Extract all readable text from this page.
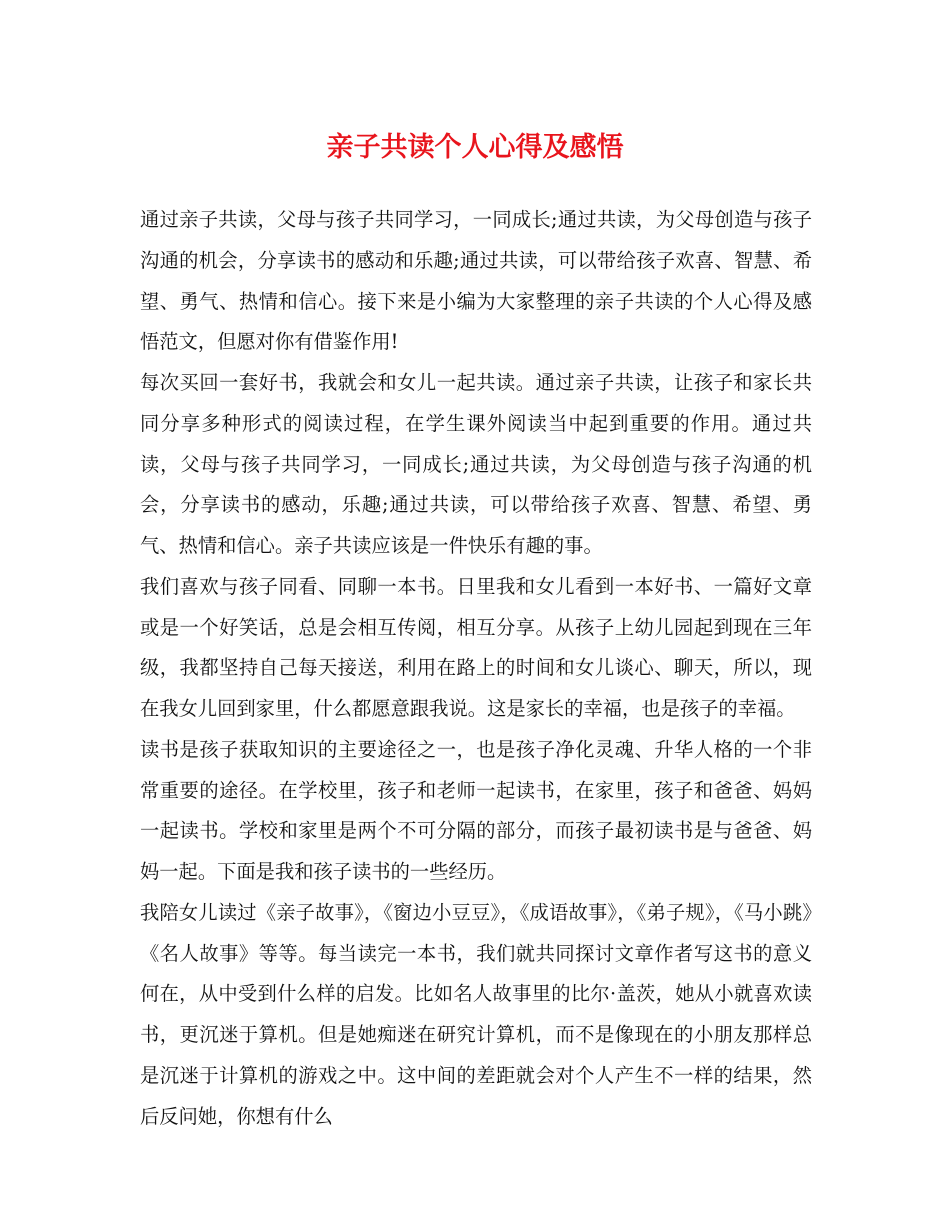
亲子共读个人心得及感悟

通过亲子共读，父母与孩子共同学习，一同成长;通过共读，为父母创造与孩子沟通的机会，分享读书的感动和乐趣;通过共读，可以带给孩子欢喜、智慧、希望、勇气、热情和信心。接下来是小编为大家整理的亲子共读的个人心得及感悟范文，但愿对你有借鉴作用!

每次买回一套好书，我就会和女儿一起共读。通过亲子共读，让孩子和家长共同分享多种形式的阅读过程，在学生课外阅读当中起到重要的作用。通过共读，父母与孩子共同学习，一同成长;通过共读，为父母创造与孩子沟通的机会，分享读书的感动，乐趣;通过共读，可以带给孩子欢喜、智慧、希望、勇气、热情和信心。亲子共读应该是一件快乐有趣的事。

我们喜欢与孩子同看、同聊一本书。日里我和女儿看到一本好书、一篇好文章或是一个好笑话，总是会相互传阅，相互分享。从孩子上幼儿园起到现在三年级，我都坚持自己每天接送，利用在路上的时间和女儿谈心、聊天，所以，现在我女儿回到家里，什么都愿意跟我说。这是家长的幸福，也是孩子的幸福。

读书是孩子获取知识的主要途径之一，也是孩子净化灵魂、升华人格的一个非常重要的途径。在学校里，孩子和老师一起读书，在家里，孩子和爸爸、妈妈一起读书。学校和家里是两个不可分隔的部分，而孩子最初读书是与爸爸、妈妈一起。下面是我和孩子读书的一些经历。

我陪女儿读过《亲子故事》，《窗边小豆豆》，《成语故事》，《弟子规》，《马小跳》《名人故事》等等。每当读完一本书，我们就共同探讨文章作者写这书的意义何在，从中受到什么样的启发。比如名人故事里的比尔·盖茨，她从小就喜欢读书，更沉迷于算机。但是她痴迷在研究计算机，而不是像现在的小朋友那样总是沉迷于计算机的游戏之中。这中间的差距就会对个人产生不一样的结果，然后反问她，你想有什么
